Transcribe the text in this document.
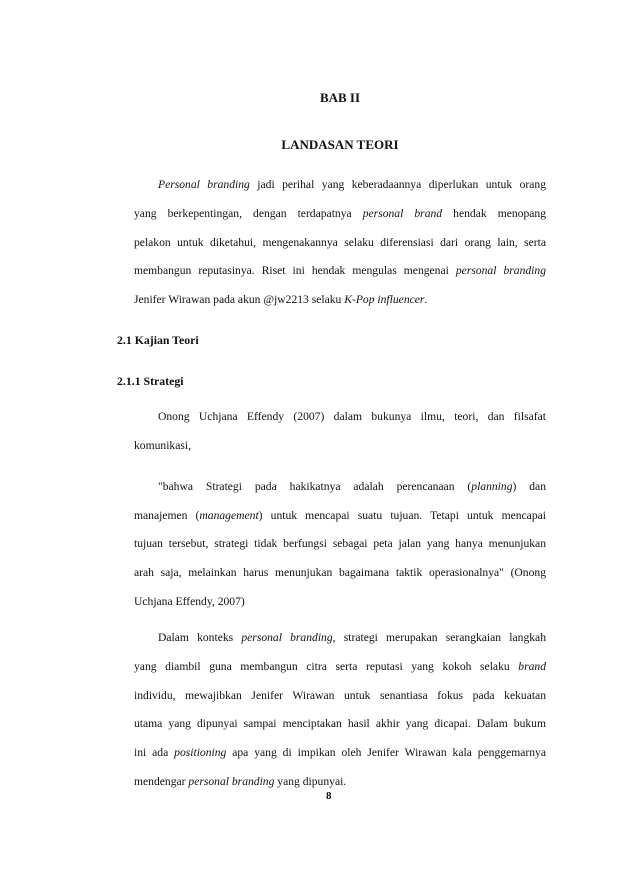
BAB II
LANDASAN TEORI
Personal branding jadi perihal yang keberadaannya diperlukan untuk orang
yang berkepentingan, dengan terdapatnya personal brand hendak menopang
pelakon untuk diketahui, mengenakannya selaku diferensiasi dari orang lain, serta
membangun reputasinya. Riset ini hendak mengulas mengenai personal branding
Jenifer Wirawan pada akun @jw2213 selaku K-Pop influencer.
2.1 Kajian Teori
2.1.1 Strategi
Onong Uchjana Effendy (2007) dalam bukunya ilmu, teori, dan filsafat
komunikasi,
"bahwa Strategi pada hakikatnya adalah perencanaan (planning) dan
manajemen (management) untuk mencapai suatu tujuan. Tetapi untuk mencapai
tujuan tersebut, strategi tidak berfungsi sebagai peta jalan yang hanya menunjukan
arah saja, melainkan harus menunjukan bagaimana taktik operasionalnya" (Onong
Uchjana Effendy, 2007)
Dalam konteks personal branding, strategi merupakan serangkaian langkah
yang diambil guna membangun citra serta reputasi yang kokoh selaku brand
individu, mewajibkan Jenifer Wirawan untuk senantiasa fokus pada kekuatan
utama yang dipunyai sampai menciptakan hasil akhir yang dicapai. Dalam bukum
ini ada positioning apa yang di impikan oleh Jenifer Wirawan kala penggemarnya
mendengar personal branding yang dipunyai.
8
